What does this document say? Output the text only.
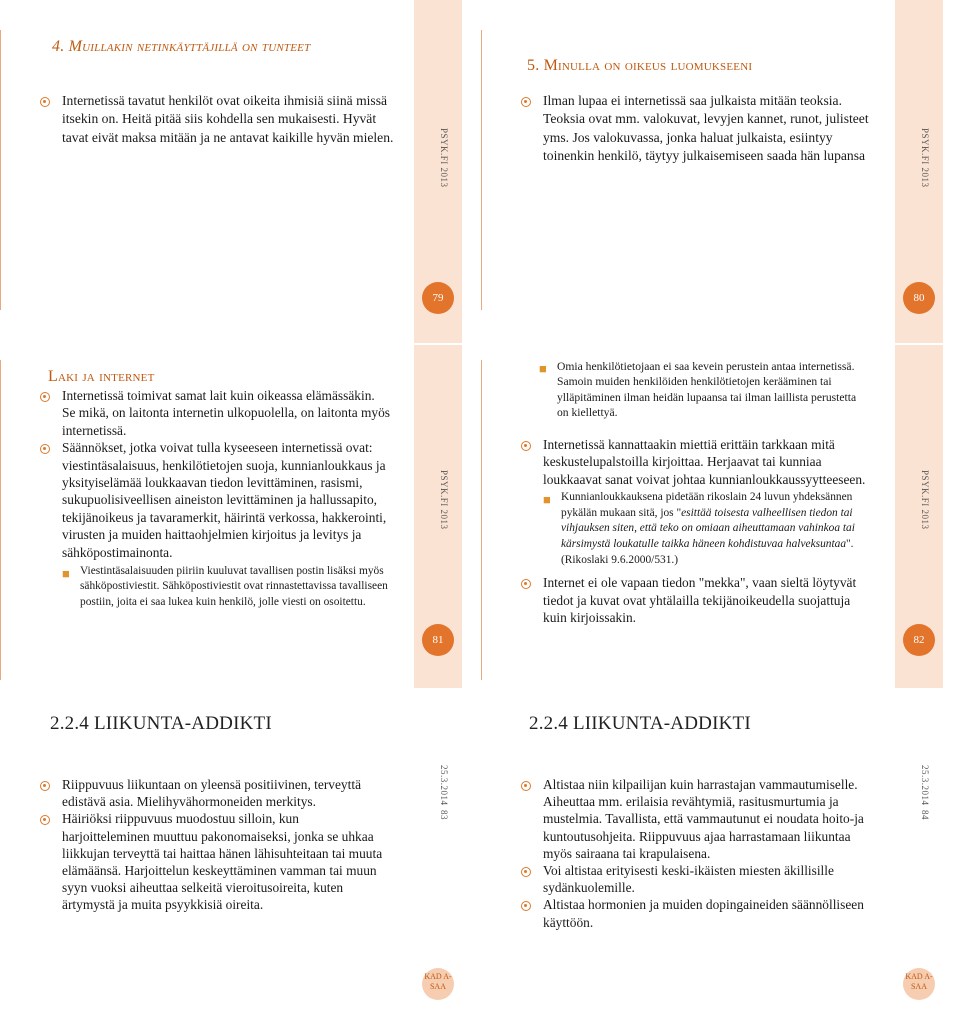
4. Muillakin netinkäyttäjillä on tunteet
Internetissä tavatut henkilöt ovat oikeita ihmisiä siinä missä itsekin on. Heitä pitää siis kohdella sen mukaisesti. Hyvät tavat eivät maksa mitään ja ne antavat kaikille hyvän mielen.	PSYK.FI 2013
79
5. Minulla on oikeus luomukseeni
Ilman lupaa ei internetissä saa julkaista mitään teoksia. Teoksia ovat mm. valokuvat, levyjen kannet, runot, julisteet yms. Jos valokuvassa, jonka haluat julkaista, esiintyy toinenkin henkilö, täytyy julkaisemiseen saada hän lupansa	PSYK.FI 2013
80
Laki ja internet
Internetissä toimivat samat lait kuin oikeassa elämässäkin. Se mikä, on laitonta internetin ulkopuolella, on laitonta myös internetissä.
Säännökset, jotka voivat tulla kyseeseen internetissä ovat: viestintäsalaisuus, henkilötietojen suoja, kunnianloukkaus ja yksityiselämää loukkaavan tiedon levittäminen, rasismi, sukupuolisiveellisen aineiston levittäminen ja hallussapito, tekijänoikeus ja tavaramerkit, häirintä verkossa, hakkerointi, virusten ja muiden haittaohjelmien kirjoitus ja levitys ja sähköpostimainonta.
■ Viestintäsalaisuuden piiriin kuuluvat tavallisen postin lisäksi myös sähköpostiviestit. Sähköpostiviestit ovat rinnastettavissa tavalliseen postiin, joita ei saa lukea kuin henkilö, jolle viesti on osoitettu.
PSYK.FI 2013
81
■ Omia henkilötietojaan ei saa kevein perustein antaa internetissä. Samoin muiden henkilöiden henkilötietojen kerääminen tai ylläpitäminen ilman heidän lupaansa tai ilman laillista perustetta on kiellettyä.
Internetissä kannattaakin miettiä erittäin tarkkaan mitä keskustelupalstoilla kirjoittaa. Herjaavat tai kunniaa loukkaavat sanat voivat johtaa kunnianloukkaussyytteeseen.
■ Kunnianloukkauksena pidetään rikoslain 24 luvun yhdeksännen pykälän mukaan sitä, jos "esittää toisesta valheellisen tiedon tai vihjauksen siten, että teko on omiaan aiheuttamaan vahinkoa tai kärsimystä loukatulle taikka häneen kohdistuvaa halveksuntaa". (Rikoslaki 9.6.2000/531.)
Internet ei ole vapaan tiedon "mekka", vaan sieltä löytyvät tiedot ja kuvat ovat yhtälailla tekijänoikeudella suojattuja kuin kirjoissakin.
PSYK.FI 2013
82
2.2.4 LIIKUNTA-ADDIKTI
Riippuvuus liikuntaan on yleensä positiivinen, terveyttä edistävä asia. Mielihyvähormoneiden merkitys.
Häiriöksi riippuvuus muodostuu silloin, kun harjoitteleminen muuttuu pakonomaiseksi, jonka se uhkaa liikkujan terveyttä tai haittaa hänen lähisuhteitaan tai muuta elämäänsä. Harjoittelun keskeyttäminen vamman tai muun syyn vuoksi aiheuttaa selkeitä vieroitusoireita, kuten ärtymystä ja muita psyykkisiä oireita.
25.3.2014
83
KAD A- SAA
2.2.4 LIIKUNTA-ADDIKTI
Altistaa niin kilpailijan kuin harrastajan vammautumiselle. Aiheuttaa mm. erilaisia revähtymiä, rasitusmurtumia ja mustelmia. Tavallista, että vammautunut ei noudata hoito-ja kuntoutusohjeita. Riippuvuus ajaa harrastamaan liikuntaa myös sairaana tai krapulaisena.
Voi altistaa erityisesti keski-ikäisten miesten äkillisille sydänkuolemille.
Altistaa hormonien ja muiden dopingaineiden säännölliseen käyttöön.
25.3.2014
84
KAD A- SAA
